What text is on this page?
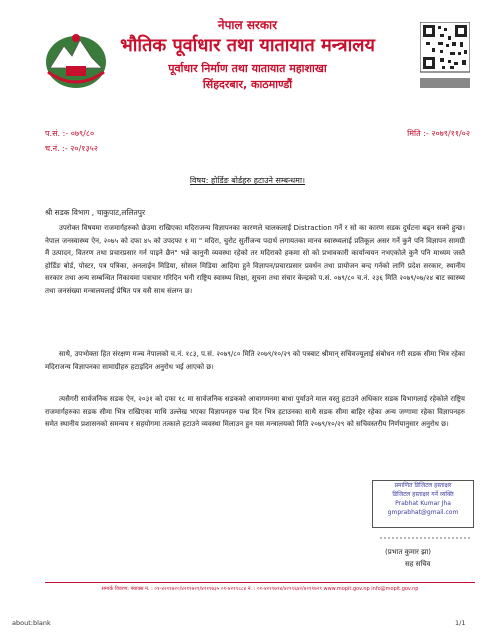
नेपाल सरकार
भौतिक पूर्वाधार तथा यातायात मन्त्रालय
पूर्वाधार निर्माण तथा यातायात महाशाखा
सिंहदरबार, काठमाण्डौं
प.सं. :- ०७९/८०
च.नं. :- २०/१३५२
मिति :- २०७९/११/०२
विषय: होर्डिङ बोर्डहरु हटाउने सम्बन्धमा।
श्री सडक विभाग , चाकुपाट,ललितपुर
उपरोक्त विषयमा राजमार्गहरुको छेउमा राखिएका मदिराजन्य विज्ञापनका कारणले चालकलाई Distraction गर्ने र सो का कारण सडक दुर्घटना बढ्न सक्ने हुन्छ। नेपाल जनस्वास्थ्य ऐन, २०७५ को दफा ४५ को उपदफा १ मा " मदिरा, चुरोट सुर्तीजन्य पदार्थ लगायतका मानव स्वास्थ्यलाई प्रतिकूल असर गर्ने कुनै पनि विज्ञापन सामग्री मैं उत्पादन, वितरण तथा प्रचारप्रसार गर्न पाइने छैन" भन्ने कानुनी व्यवस्था रहेको तर मदिराको हकमा सो को प्रभावकारी कार्यान्वयन नभएकोले कुनै पनि माध्यम जस्तै होर्डिङ बोर्ड, पोस्टर, पत्र पत्रिका, अनलाईन मिडिया, सोसल मिडिया आदिमा हुने विज्ञापन/प्रचारप्रसार प्रवर्धन तथा प्रायोजन बन्द गर्नको लागि प्रदेश सरकार, स्थानीय सरकार तथा अन्य सम्बन्धित निकायमा पत्राचार गरिदिन भनी राष्ट्रिय स्वास्थ्य शिक्षा, सूचना तथा संचार केन्द्रको प.सं. ०७९/८० च.नं. २३६ मिति २०७९/०७/२४ बाट स्वास्थ्य तथा जनसंख्या मन्त्रालयलाई प्रेषित पत्र यसै साथ संलग्न छ।
साथै, उपभोक्ता हित संरक्षण मञ्च नेपालको च.नं. १८३, प.सं. २०७९/८० मिति २०७९/१०/२९ को पत्रबाट श्रीमान् सचिवज्यूलाई संबोधन गरी सडक सीमा भित्र रहेका मदिराजन्य विज्ञापनका सामाग्रीहरु हटाइदिन अनुरोध भई आएको छ।
त्यसैगरी सार्वजनिक सडक ऐन, २०३१ को दफा १८ मा सार्वजनिक सडकको आवागमनमा बाधा पुर्याउने माल वस्तु हटाउने अधिकार सडक विभागलाई रहेकोले राष्ट्रिय राजमार्गहरुका सडक सीमा भित्र राखिएका माथि उल्लेख भएका विज्ञापनहरु पन्ध्र दिन भित्र हटाउनका साथै सडक सीमा बाहिर रहेका अन्य जग्गामा रहेका विज्ञापनहरु समेत स्थानीय प्रशासनको समन्वय र सहयोगमा तत्काले हटाउने व्यवस्था मिलाउन हुन यस मन्त्रालयको मिति २०७९/१०/२९ को सचिवस्तरीय निर्णयानुसार अनुरोध छ।
प्रमाणित डिजिटल हस्ताक्षर
डिजिटल हस्ताक्षर गर्ने व्यक्ति
Prabhat Kumar Jha
gmprabhat@gmail.com
(प्रभात कुमार झा)
सह सचिव
सम्पर्क विवरण: फ्याक्स नं. : ०१-४२११७२०/४२११७२१/४२११७३५ ०१-४२११८८४ नं. : ०१-४२११७९४/४२११६४२/४२११७२९ www.mopit.gov.np info@mopit.gov.np
about:blank	1/1
